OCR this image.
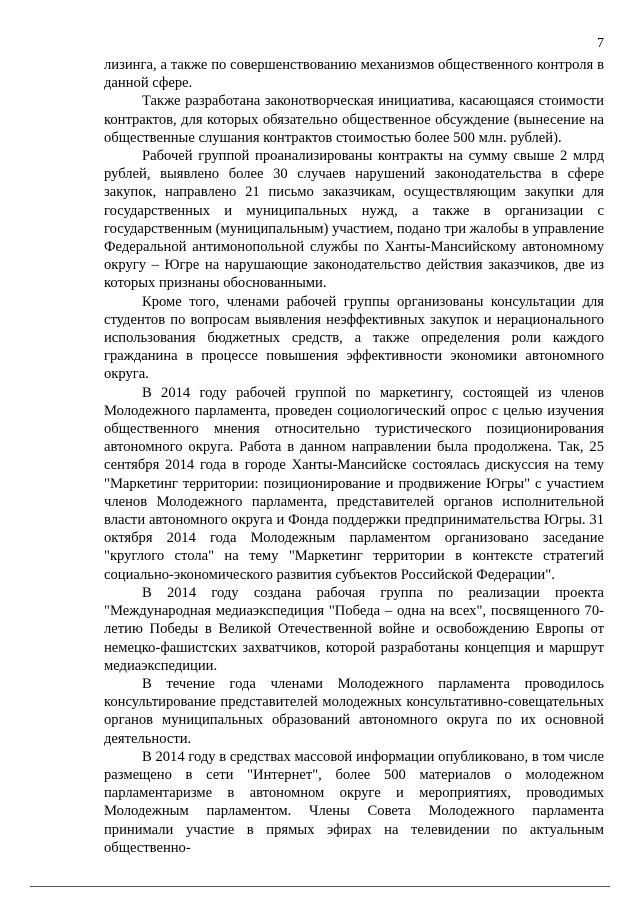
7

лизинга, а также по совершенствованию механизмов общественного контроля в данной сфере.

Также разработана законотворческая инициатива, касающаяся стоимости контрактов, для которых обязательно общественное обсуждение (вынесение на общественные слушания контрактов стоимостью более 500 млн. рублей).

Рабочей группой проанализированы контракты на сумму свыше 2 млрд рублей, выявлено более 30 случаев нарушений законодательства в сфере закупок, направлено 21 письмо заказчикам, осуществляющим закупки для государственных и муниципальных нужд, а также в организации с государственным (муниципальным) участием, подано три жалобы в управление Федеральной антимонопольной службы по Ханты-Мансийскому автономному округу – Югре на нарушающие законодательство действия заказчиков, две из которых признаны обоснованными.

Кроме того, членами рабочей группы организованы консультации для студентов по вопросам выявления неэффективных закупок и нерационального использования бюджетных средств, а также определения роли каждого гражданина в процессе повышения эффективности экономики автономного округа.

В 2014 году рабочей группой по маркетингу, состоящей из членов Молодежного парламента, проведен социологический опрос с целью изучения общественного мнения относительно туристического позиционирования автономного округа. Работа в данном направлении была продолжена. Так, 25 сентября 2014 года в городе Ханты-Мансийске состоялась дискуссия на тему "Маркетинг территории: позиционирование и продвижение Югры" с участием членов Молодежного парламента, представителей органов исполнительной власти автономного округа и Фонда поддержки предпринимательства Югры. 31 октября 2014 года Молодежным парламентом организовано заседание "круглого стола" на тему "Маркетинг территории в контексте стратегий социально-экономического развития субъектов Российской Федерации".

В 2014 году создана рабочая группа по реализации проекта "Международная медиаэкспедиция "Победа – одна на всех", посвященного 70-летию Победы в Великой Отечественной войне и освобождению Европы от немецко-фашистских захватчиков, которой разработаны концепция и маршрут медиаэкспедиции.

В течение года членами Молодежного парламента проводилось консультирование представителей молодежных консультативно-совещательных органов муниципальных образований автономного округа по их основной деятельности.

В 2014 году в средствах массовой информации опубликовано, в том числе размещено в сети "Интернет", более 500 материалов о молодежном парламентаризме в автономном округе и мероприятиях, проводимых Молодежным парламентом. Члены Совета Молодежного парламента принимали участие в прямых эфирах на телевидении по актуальным общественно-
